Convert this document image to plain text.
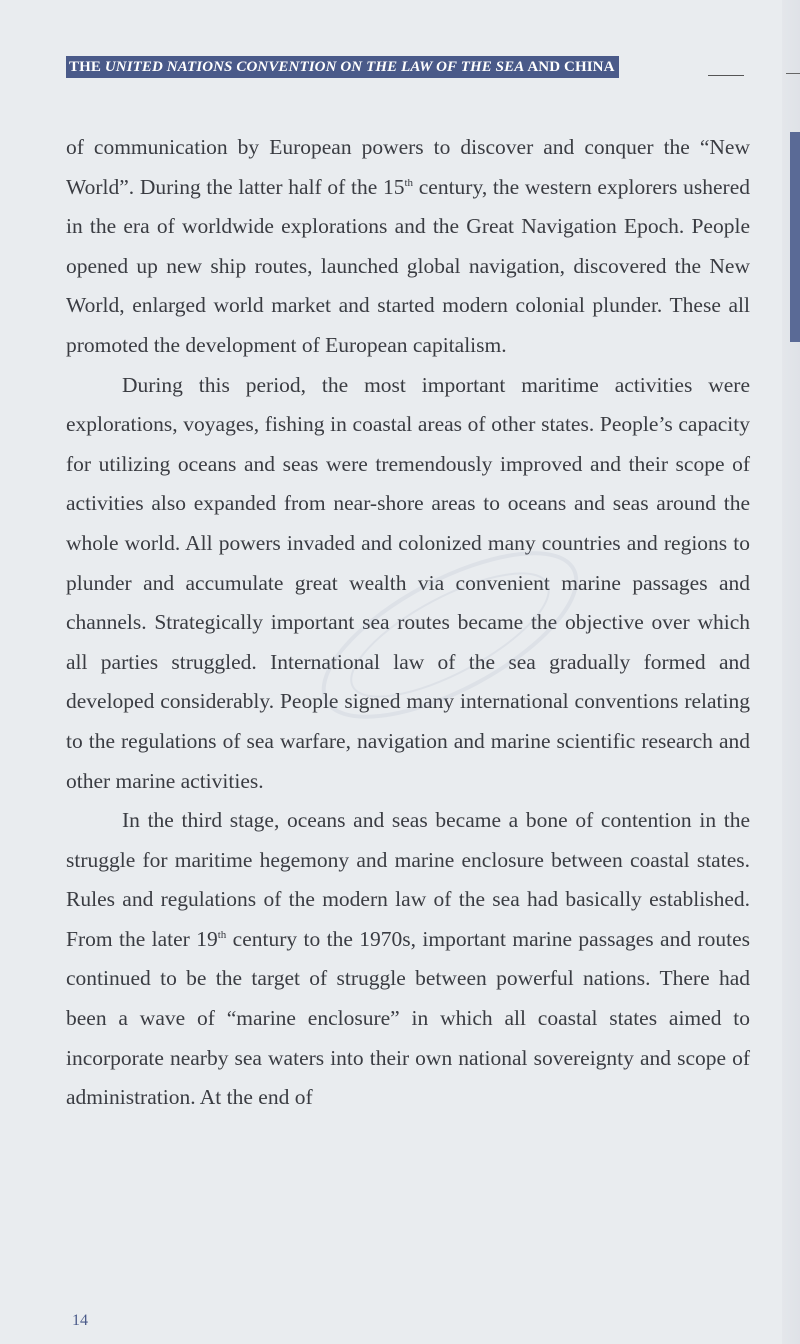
THE UNITED NATIONS CONVENTION ON THE LAW OF THE SEA AND CHINA

of communication by European powers to discover and conquer the “New World”. During the latter half of the 15th century, the western explorers ushered in the era of worldwide explorations and the Great Navigation Epoch. People opened up new ship routes, launched global navigation, discovered the New World, enlarged world market and started modern colonial plunder. These all promoted the development of European capitalism.

During this period, the most important maritime activities were explorations, voyages, fishing in coastal areas of other states. People’s capacity for utilizing oceans and seas were tremendously improved and their scope of activities also expanded from near-shore areas to oceans and seas around the whole world. All powers invaded and colonized many countries and regions to plunder and accumulate great wealth via convenient marine passages and channels. Strategically important sea routes became the objective over which all parties struggled. International law of the sea gradually formed and developed considerably. People signed many international conventions relating to the regulations of sea warfare, navigation and marine scientific research and other marine activities.

In the third stage, oceans and seas became a bone of contention in the struggle for maritime hegemony and marine enclosure between coastal states. Rules and regulations of the modern law of the sea had basically established. From the later 19th century to the 1970s, important marine passages and routes continued to be the target of struggle between powerful nations. There had been a wave of “marine enclosure” in which all coastal states aimed to incorporate nearby sea waters into their own national sovereignty and scope of administration. At the end of

14
